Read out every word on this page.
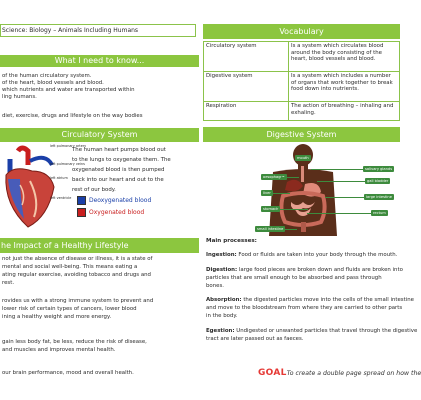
Science: Biology – Animals Including Humans
What I need to know...
of the human circulatory system.
of the heart, blood vessels and blood.
which nutrients and water are transported within
ling humans.
diet, exercise, drugs and lifestyle on the way bodies
Circulatory System
left pulmonary artery
left pulmonary veins
left atrium
left ventricle
The human heart pumps blood out
to the lungs to oxygenate them. The
oxygenated blood is then pumped
back into our heart and out to the
rest of our body.
Deoxygenated blood
Oxygenated blood
he Impact of a Healthy Lifestyle
not just the absence of disease or illness, it is a state of
mental and social well-being. This means eating a
ating regular exercise, avoiding tobacco and drugs and
rest.
rovides us with a strong immune system to prevent and
lower risk of certain types of cancers, lower blood
ining a healthy weight and more energy.
gain less body fat, be less, reduce the risk of disease,
and muscles and improves mental health.
our brain performance, mood and overall health.
Vocabulary
Circulatory system	Is a system which circulates blood around the body consisting of the heart, blood vessels and blood.
Digestive system	Is a system which includes a number of organs that work together to break food down into nutrients.
Respiration	The action of breathing – inhaling and exhaling.
Digestive System
mouth
oesophagus
liver
stomach
small intestine
salivary glands
gall bladder
large intestine
rectum
Main processes:
Ingestion: Food or fluids are taken into your body through the mouth.
Digestion: large food pieces are broken down and fluids are broken into
particles that are small enough to be absorbed and pass through
bones.
Absorption: the digested particles move into the cells of the small intestine
and move to the bloodstream from where they are carried to other parts
in the body.
Egestion: Undigested or unwanted particles that travel through the digestive
tract are later passed out as faeces.
GOALTo create a double page spread on how the
